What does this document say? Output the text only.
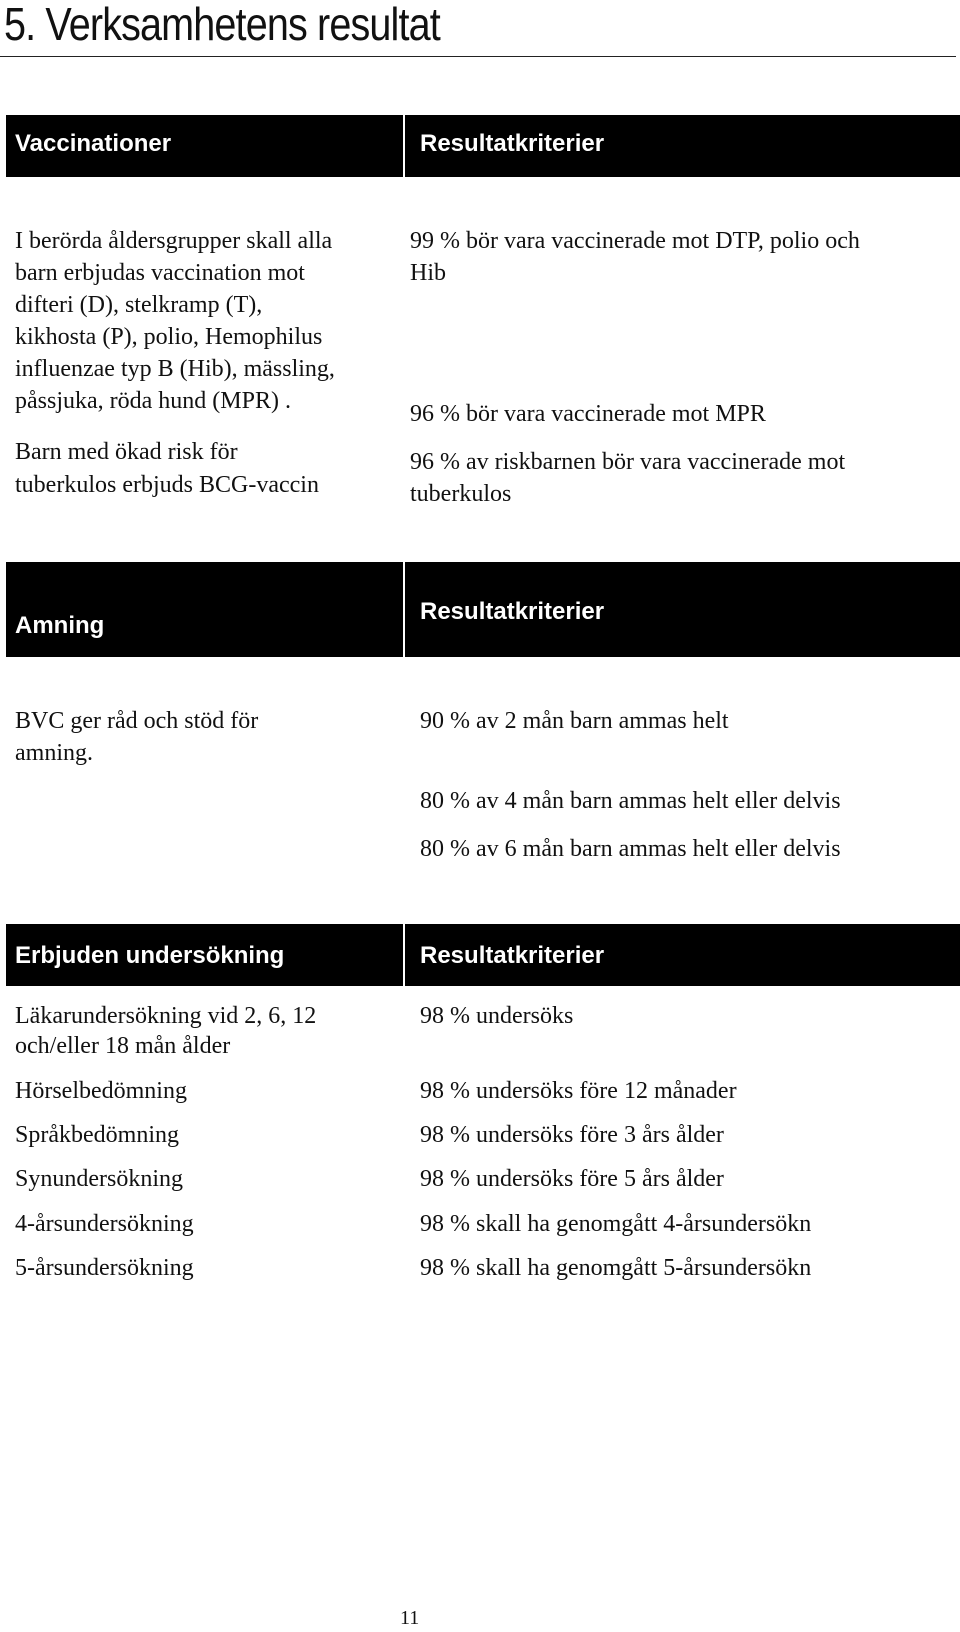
5. Verksamhetens resultat
Vaccinationer	Resultatkriterier
I berörda åldersgrupper skall alla
barn erbjudas vaccination mot
difteri (D), stelkramp (T),
kikhosta (P), polio, Hemophilus
influenzae typ B (Hib), mässling,
påssjuka, röda hund (MPR) .
Barn med ökad risk för
tuberkulos erbjuds BCG-vaccin
99 % bör vara vaccinerade mot DTP, polio och
Hib
96 % bör vara vaccinerade mot MPR
96 % av riskbarnen bör vara vaccinerade mot
tuberkulos
Amning
Resultatkriterier
BVC ger råd och stöd för
amning.
90 % av 2 mån barn ammas helt
80 % av 4 mån barn ammas helt eller delvis
80 % av 6 mån barn ammas helt eller delvis
Erbjuden undersökning	Resultatkriterier
Läkarundersökning vid 2, 6, 12
och/eller 18 mån ålder
Hörselbedömning
Språkbedömning
Synundersökning
4-årsundersökning
5-årsundersökning
98 % undersöks
98 % undersöks före 12 månader
98 % undersöks före 3 års ålder
98 % undersöks före 5 års ålder
98 % skall ha genomgått 4-årsundersökn
98 % skall ha genomgått 5-årsundersökn
11
